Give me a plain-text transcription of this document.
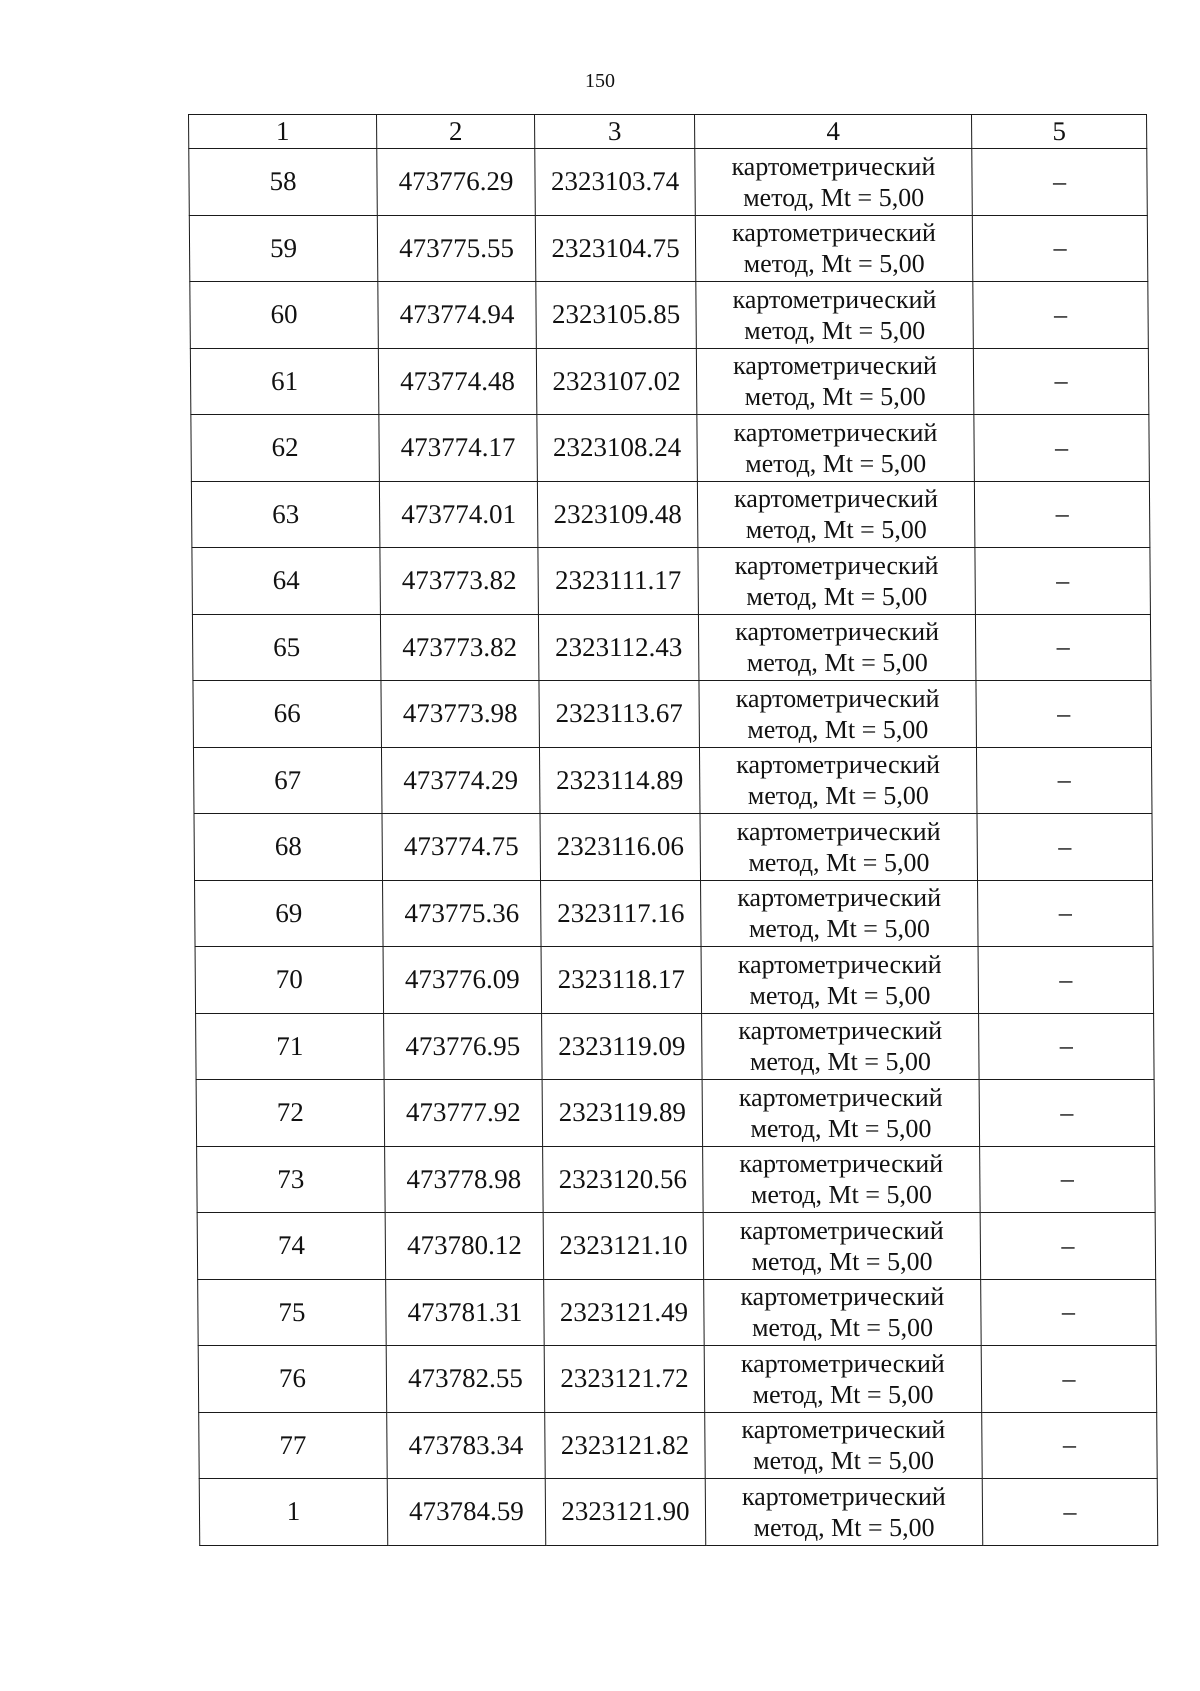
150
1	2	3	4	5
58	473776.29	2323103.74	картометрический
метод, Mt = 5,00	–
59	473775.55	2323104.75	картометрический
метод, Mt = 5,00	–
60	473774.94	2323105.85	картометрический
метод, Mt = 5,00	–
61	473774.48	2323107.02	картометрический
метод, Mt = 5,00	–
62	473774.17	2323108.24	картометрический
метод, Mt = 5,00	–
63	473774.01	2323109.48	картометрический
метод, Mt = 5,00	–
64	473773.82	2323111.17	картометрический
метод, Mt = 5,00	–
65	473773.82	2323112.43	картометрический
метод, Mt = 5,00	–
66	473773.98	2323113.67	картометрический
метод, Mt = 5,00	–
67	473774.29	2323114.89	картометрический
метод, Mt = 5,00	–
68	473774.75	2323116.06	картометрический
метод, Mt = 5,00	–
69	473775.36	2323117.16	картометрический
метод, Mt = 5,00	–
70	473776.09	2323118.17	картометрический
метод, Mt = 5,00	–
71	473776.95	2323119.09	картометрический
метод, Mt = 5,00	–
72	473777.92	2323119.89	картометрический
метод, Mt = 5,00	–
73	473778.98	2323120.56	картометрический
метод, Mt = 5,00	–
74	473780.12	2323121.10	картометрический
метод, Mt = 5,00	–
75	473781.31	2323121.49	картометрический
метод, Mt = 5,00	–
76	473782.55	2323121.72	картометрический
метод, Mt = 5,00	–
77	473783.34	2323121.82	картометрический
метод, Mt = 5,00	–
1	473784.59	2323121.90	картометрический
метод, Mt = 5,00	–
